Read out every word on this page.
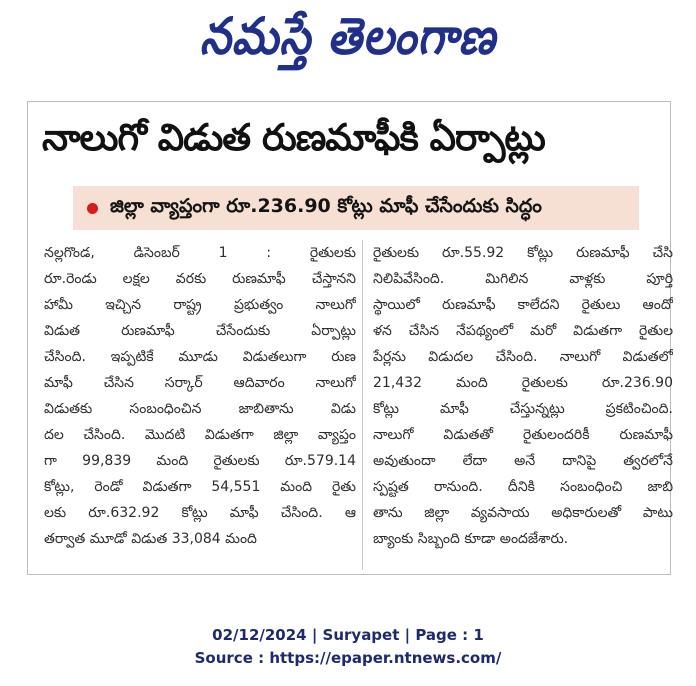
నమస్తే తెలంగాణ
నాలుగో విడుత రుణమాఫీకి ఏర్పాట్లు
జిల్లా వ్యాప్తంగా రూ.236.90 కోట్లు మాఫీ చేసేందుకు సిద్ధం
నల్లగొండ, డిసెంబర్ 1 : రైతులకు
రూ.రెండు లక్షల వరకు రుణమాఫీ చేస్తానని
హామీ ఇచ్చిన రాష్ట్ర ప్రభుత్వం నాలుగో
విడుత రుణమాఫీ చేసేందుకు ఏర్పాట్లు
చేసింది. ఇప్పటికే మూడు విడుతలుగా రుణ
మాఫీ చేసిన సర్కార్ ఆదివారం నాలుగో
విడుతకు సంబంధించిన జాబితాను విడు
దల చేసింది. మొదటి విడుతగా జిల్లా వ్యాప్తం
గా 99,839 మంది రైతులకు రూ.579.14
కోట్లు, రెండో విడుతగా 54,551 మంది రైతు
లకు రూ.632.92 కోట్లు మాఫీ చేసింది. ఆ
తర్వాత మూడో విడుత 33,084 మంది
రైతులకు రూ.55.92 కోట్లు రుణమాఫీ చేసి
నిలిపివేసింది. మిగిలిన వాళ్లకు పూర్తి
స్థాయిలో రుణమాఫీ కాలేదని రైతులు ఆందో
ళన చేసిన నేపథ్యంలో మరో విడుతగా రైతుల
పేర్లను విడుదల చేసింది. నాలుగో విడుతలో
21,432 మంది రైతులకు రూ.236.90
కోట్లు మాఫీ చేస్తున్నట్లు ప్రకటించింది.
నాలుగో విడుతతో రైతులందరికీ రుణమాఫీ
అవుతుందా లేదా అనే దానిపై త్వరలోనే
స్పష్టత రానుంది. దీనికి సంబంధించి జాబి
తాను జిల్లా వ్యవసాయ అధికారులతో పాటు
బ్యాంకు సిబ్బంది కూడా అందజేశారు.
02/12/2024 | Suryapet | Page : 1
Source : https://epaper.ntnews.com/
